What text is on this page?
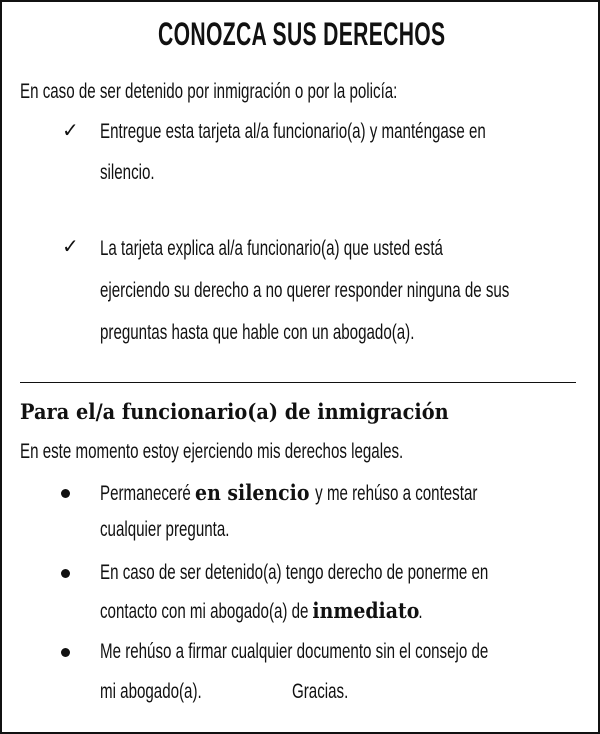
CONOZCA SUS DERECHOS
En caso de ser detenido por inmigración o por la policía:
✓ Entregue esta tarjeta al/a funcionario(a) y manténgase en
silencio.
✓ La tarjeta explica al/a funcionario(a) que usted está
ejerciendo su derecho a no querer responder ninguna de sus
preguntas hasta que hable con un abogado(a).
Para el/a funcionario(a) de inmigración
En este momento estoy ejerciendo mis derechos legales.
Permaneceré en silencio y me rehúso a contestar
cualquier pregunta.
En caso de ser detenido(a) tengo derecho de ponerme en
contacto con mi abogado(a) de inmediato.
Me rehúso a firmar cualquier documento sin el consejo de
mi abogado(a).	Gracias.
